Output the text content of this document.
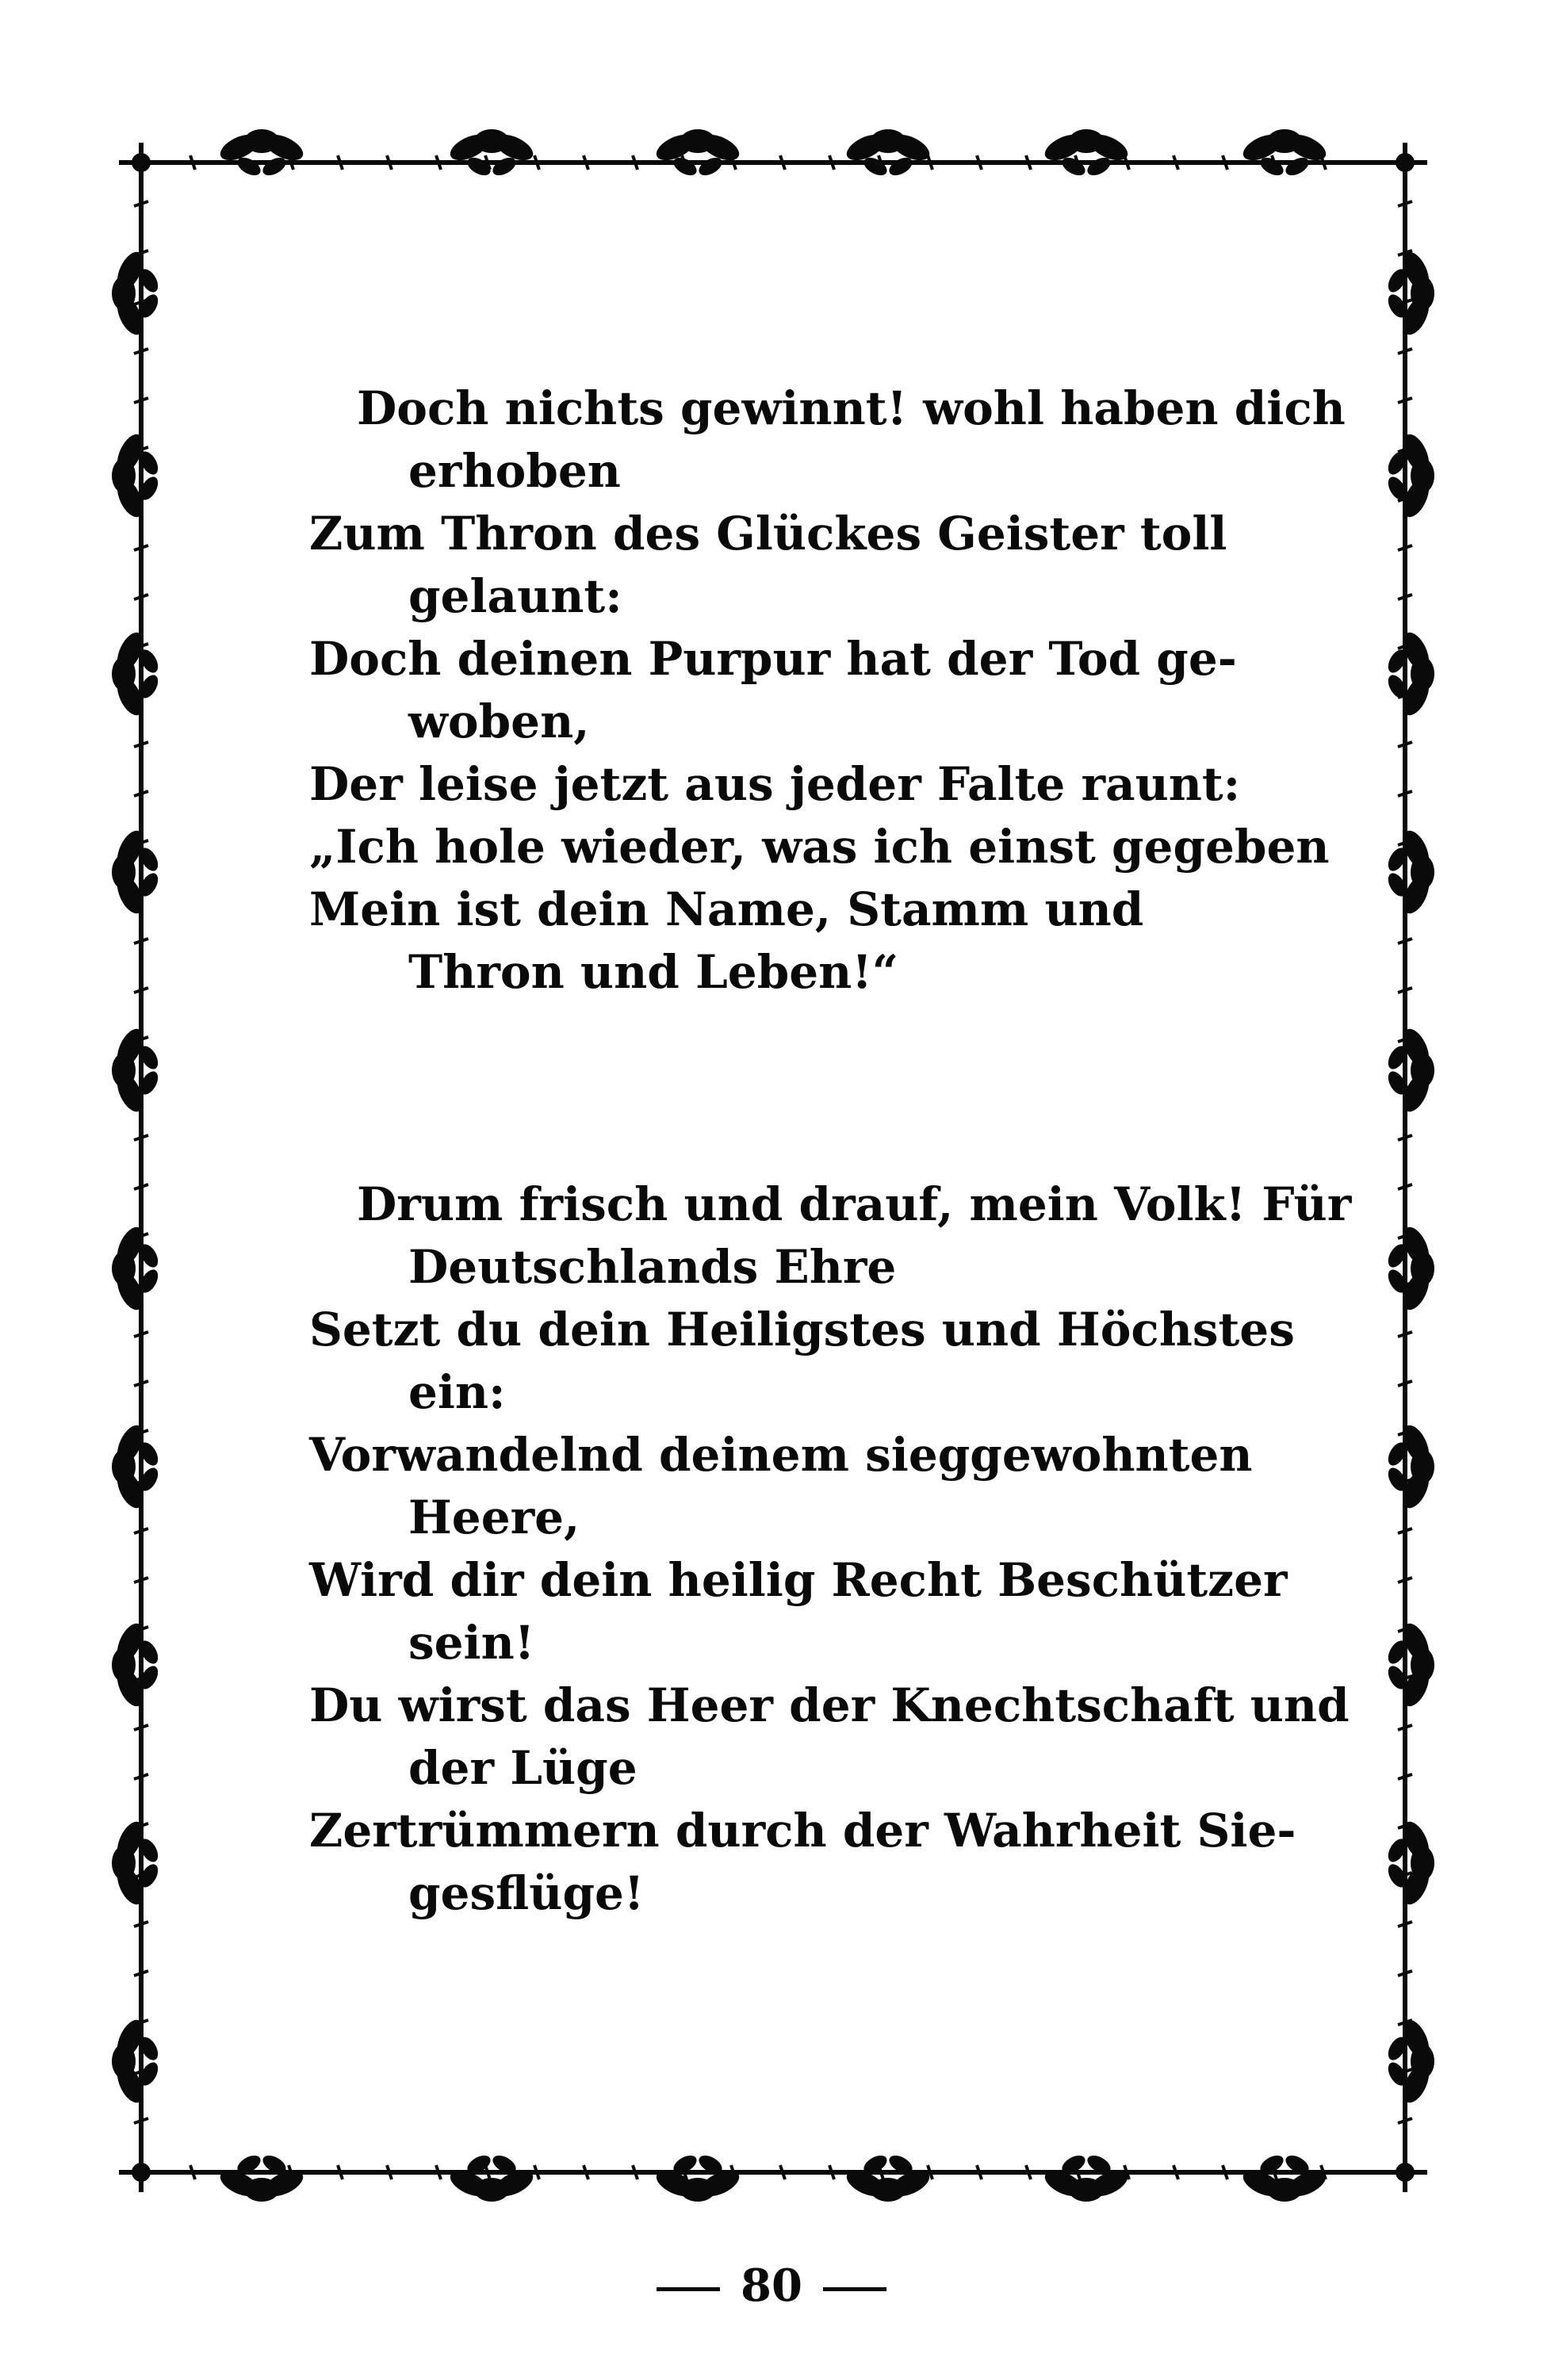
Doch nichts gewinnt! wohl haben dich
erhoben
Zum Thron des Glückes Geister toll
gelaunt:
Doch deinen Purpur hat der Tod ge-
woben,
Der leise jetzt aus jeder Falte raunt:
„Ich hole wieder, was ich einst gegeben
Mein ist dein Name, Stamm und
Thron und Leben!“
Drum frisch und drauf, mein Volk! Für
Deutschlands Ehre
Setzt du dein Heiligstes und Höchstes
ein:
Vorwandelnd deinem sieggewohnten
Heere,
Wird dir dein heilig Recht Beschützer
sein!
Du wirst das Heer der Knechtschaft und
der Lüge
Zertrümmern durch der Wahrheit Sie-
gesflüge!
80
